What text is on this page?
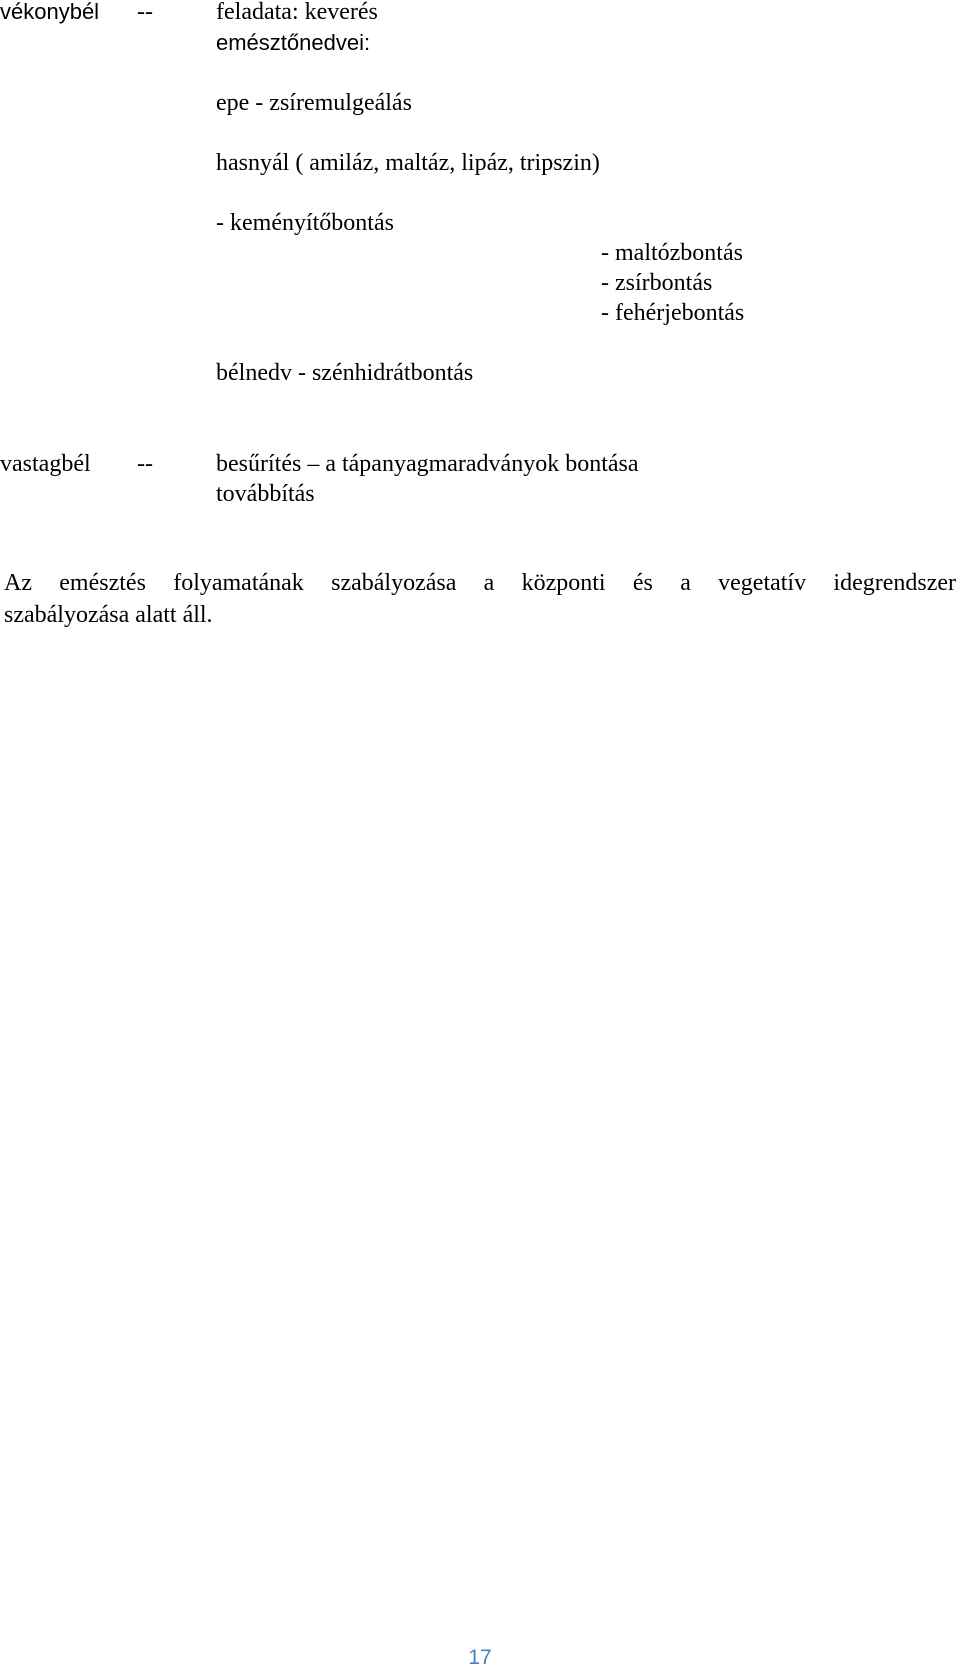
vékonybél --	feladata: keverés
emésztőnedvei:
epe - zsíremulgeálás
hasnyál ( amiláz, maltáz, lipáz, tripszin)
- keményítőbontás
- maltózbontás
- zsírbontás
- fehérjebontás
bélnedv - szénhidrátbontás
vastagbél --	besűrítés – a tápanyagmaradványok bontása
továbbítás
Az emésztés folyamatának szabályozása a központi és a vegetatív idegrendszer
szabályozása alatt áll.
17
